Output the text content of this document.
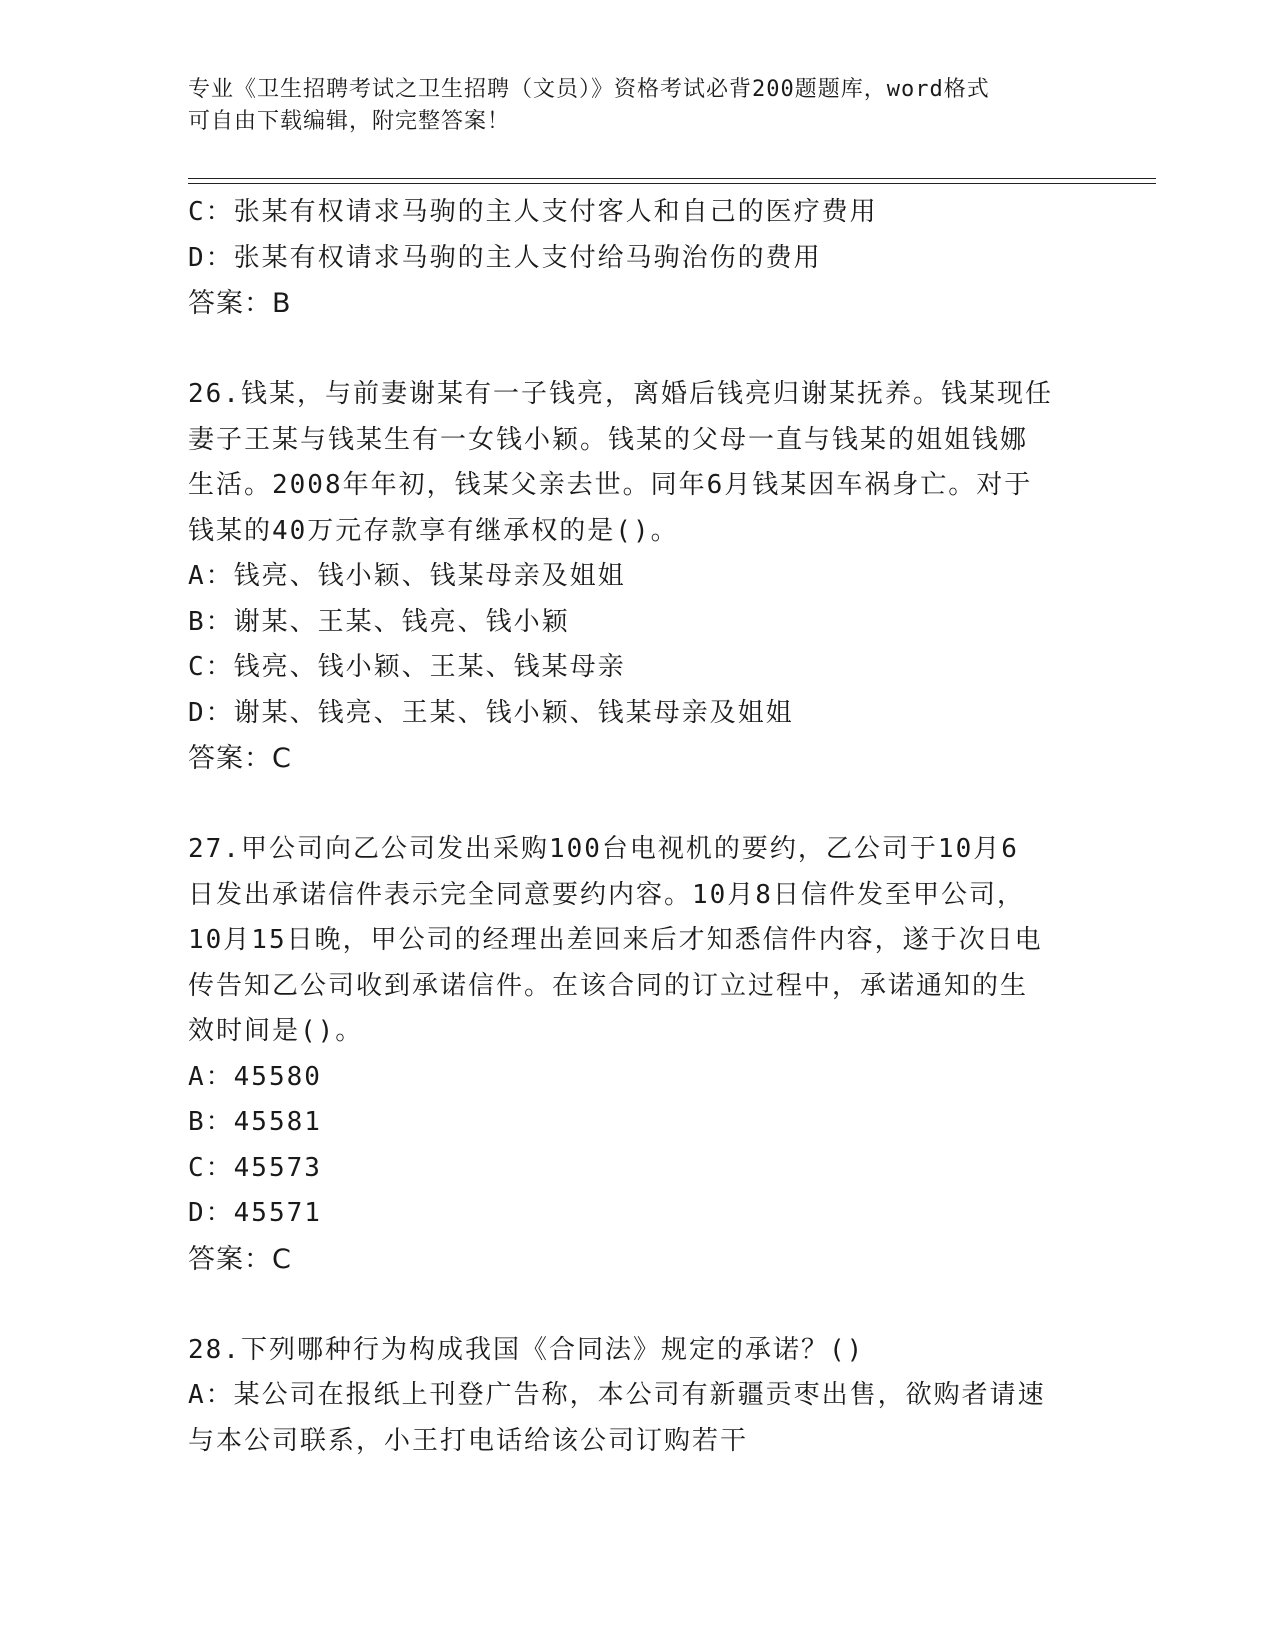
专业《卫生招聘考试之卫生招聘（文员）》资格考试必背200题题库，word格式
可自由下载编辑，附完整答案！
C：张某有权请求马驹的主人支付客人和自己的医疗费用
D：张某有权请求马驹的主人支付给马驹治伤的费用
答案：B
26.钱某，与前妻谢某有一子钱亮，离婚后钱亮归谢某抚养。钱某现任
妻子王某与钱某生有一女钱小颖。钱某的父母一直与钱某的姐姐钱娜
生活。2008年年初，钱某父亲去世。同年6月钱某因车祸身亡。对于
钱某的40万元存款享有继承权的是()。
A：钱亮、钱小颖、钱某母亲及姐姐
B：谢某、王某、钱亮、钱小颖
C：钱亮、钱小颖、王某、钱某母亲
D：谢某、钱亮、王某、钱小颖、钱某母亲及姐姐
答案：C
27.甲公司向乙公司发出采购100台电视机的要约，乙公司于10月6
日发出承诺信件表示完全同意要约内容。10月8日信件发至甲公司，
10月15日晚，甲公司的经理出差回来后才知悉信件内容，遂于次日电
传告知乙公司收到承诺信件。在该合同的订立过程中，承诺通知的生
效时间是()。
A：45580
B：45581
C：45573
D：45571
答案：C
28.下列哪种行为构成我国《合同法》规定的承诺？()
A：某公司在报纸上刊登广告称，本公司有新疆贡枣出售，欲购者请速
与本公司联系，小王打电话给该公司订购若干
